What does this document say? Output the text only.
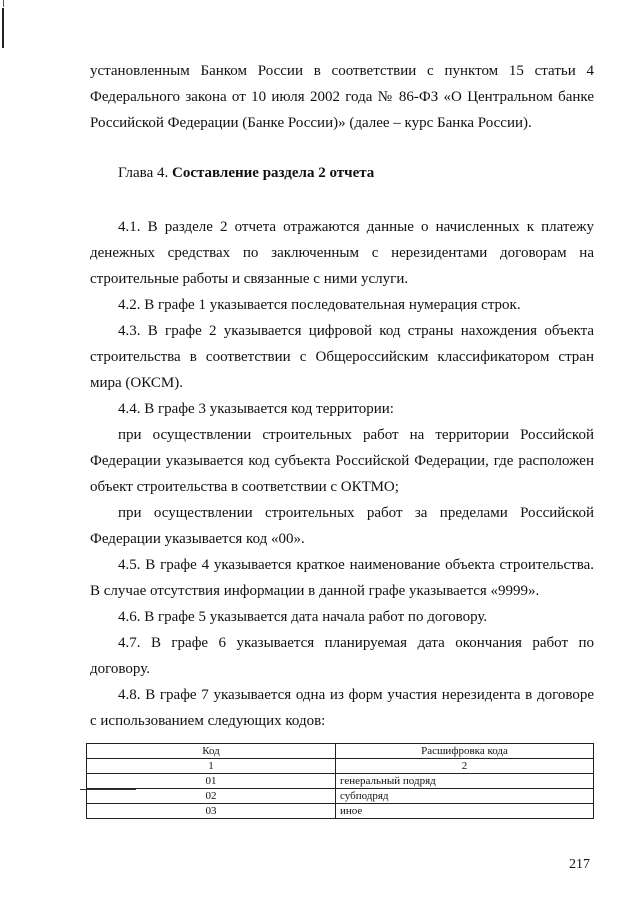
установленным Банком России в соответствии с пунктом 15 статьи 4
Федерального закона от 10 июля 2002 года № 86-ФЗ «О Центральном банке
Российской Федерации (Банке России)» (далее – курс Банка России).
Глава 4. Составление раздела 2 отчета
4.1. В разделе 2 отчета отражаются данные о начисленных к платежу
денежных средствах по заключенным с нерезидентами договорам на
строительные работы и связанные с ними услуги.
4.2. В графе 1 указывается последовательная нумерация строк.
4.3. В графе 2 указывается цифровой код страны нахождения объекта
строительства в соответствии с Общероссийским классификатором стран
мира (ОКСМ).
4.4. В графе 3 указывается код территории:
при осуществлении строительных работ на территории Российской
Федерации указывается код субъекта Российской Федерации, где расположен
объект строительства в соответствии с ОКТМО;
при осуществлении строительных работ за пределами Российской
Федерации указывается код «00».
4.5. В графе 4 указывается краткое наименование объекта строительства.
В случае отсутствия информации в данной графе указывается «9999».
4.6. В графе 5 указывается дата начала работ по договору.
4.7. В графе 6 указывается планируемая дата окончания работ по
договору.
4.8. В графе 7 указывается одна из форм участия нерезидента в договоре
с использованием следующих кодов:
Код	Расшифровка кода
1	2
01	генеральный подряд
02	субподряд
03	иное
217
